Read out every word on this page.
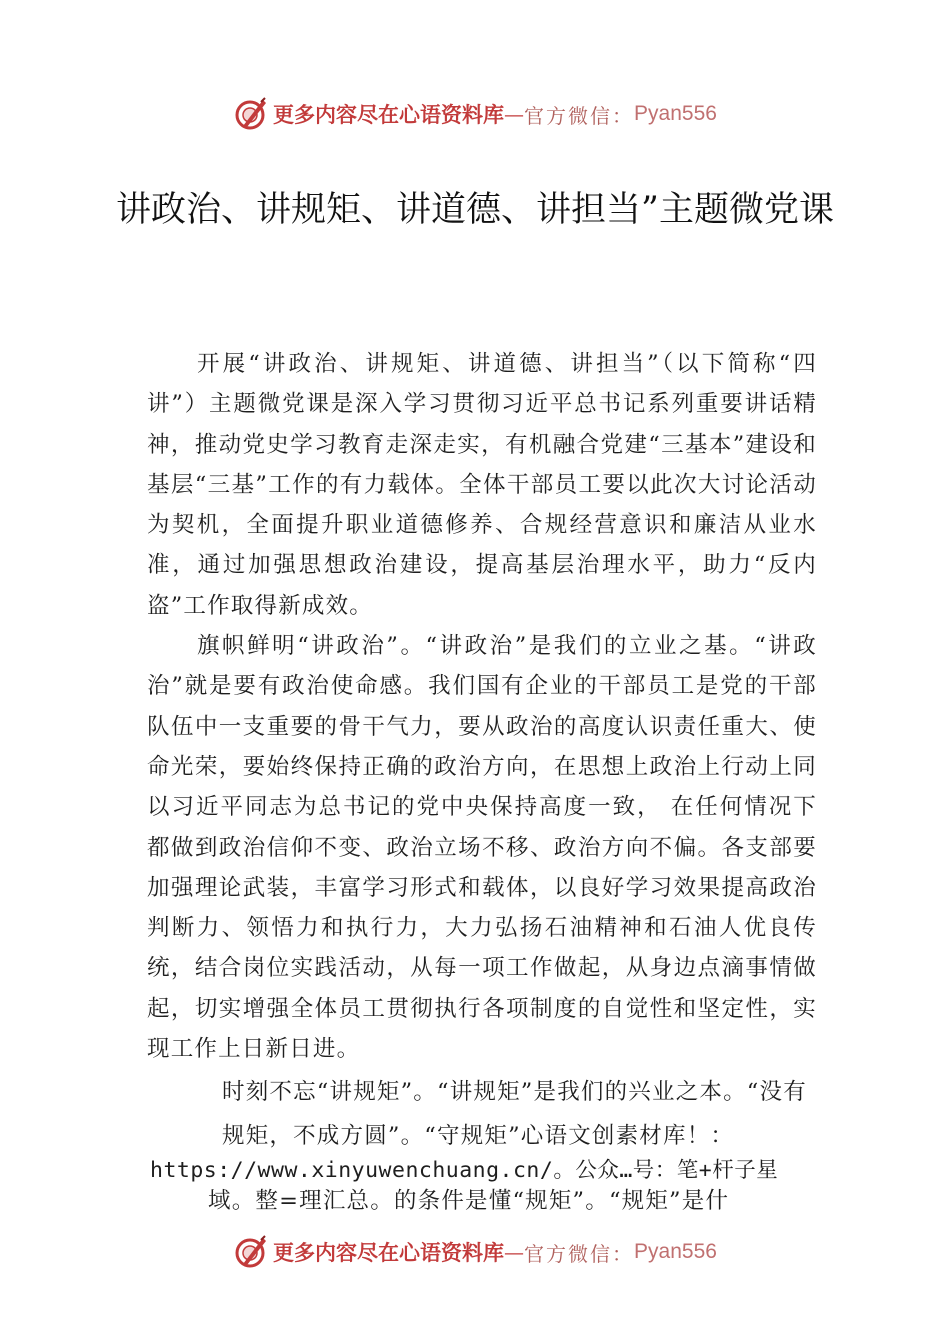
更多内容尽在心语资料库 — 官方微信： Pyan556
讲政治、讲规矩、讲道德、讲担当”主题微党课

开展“讲政治、讲规矩、讲道德、讲担当”（以下简称“四讲”）主题微党课是深入学习贯彻习近平总书记系列重要讲话精神，推动党史学习教育走深走实，有机融合党建“三基本”建设和基层“三基”工作的有力载体。全体干部员工要以此次大讨论活动为契机，全面提升职业道德修养、合规经营意识和廉洁从业水准，通过加强思想政治建设，提高基层治理水平，助力“反内盗”工作取得新成效。

旗帜鲜明“讲政治”。“讲政治”是我们的立业之基。“讲政治”就是要有政治使命感。我们国有企业的干部员工是党的干部队伍中一支重要的骨干气力，要从政治的高度认识责任重大、使命光荣，要始终保持正确的政治方向，在思想上政治上行动上同以习近平同志为总书记的党中央保持高度一致， 在任何情况下都做到政治信仰不变、政治立场不移、政治方向不偏。各支部要加强理论武装，丰富学习形式和载体，以良好学习效果提高政治判断力、领悟力和执行力，大力弘扬石油精神和石油人优良传统，结合岗位实践活动，从每一项工作做起，从身边点滴事情做起，切实增强全体员工贯彻执行各项制度的自觉性和坚定性，实现工作上日新日进。

时刻不忘“讲规矩”。“讲规矩”是我们的兴业之本。“没有
规矩，不成方圆”。“守规矩”心语文创素材库！：
https://www.xinyuwenchuang.cn/。公众…号：笔+杆子星
域。整=理汇总。的条件是懂“规矩”。“规矩”是什
更多内容尽在心语资料库 — 官方微信： Pyan556
